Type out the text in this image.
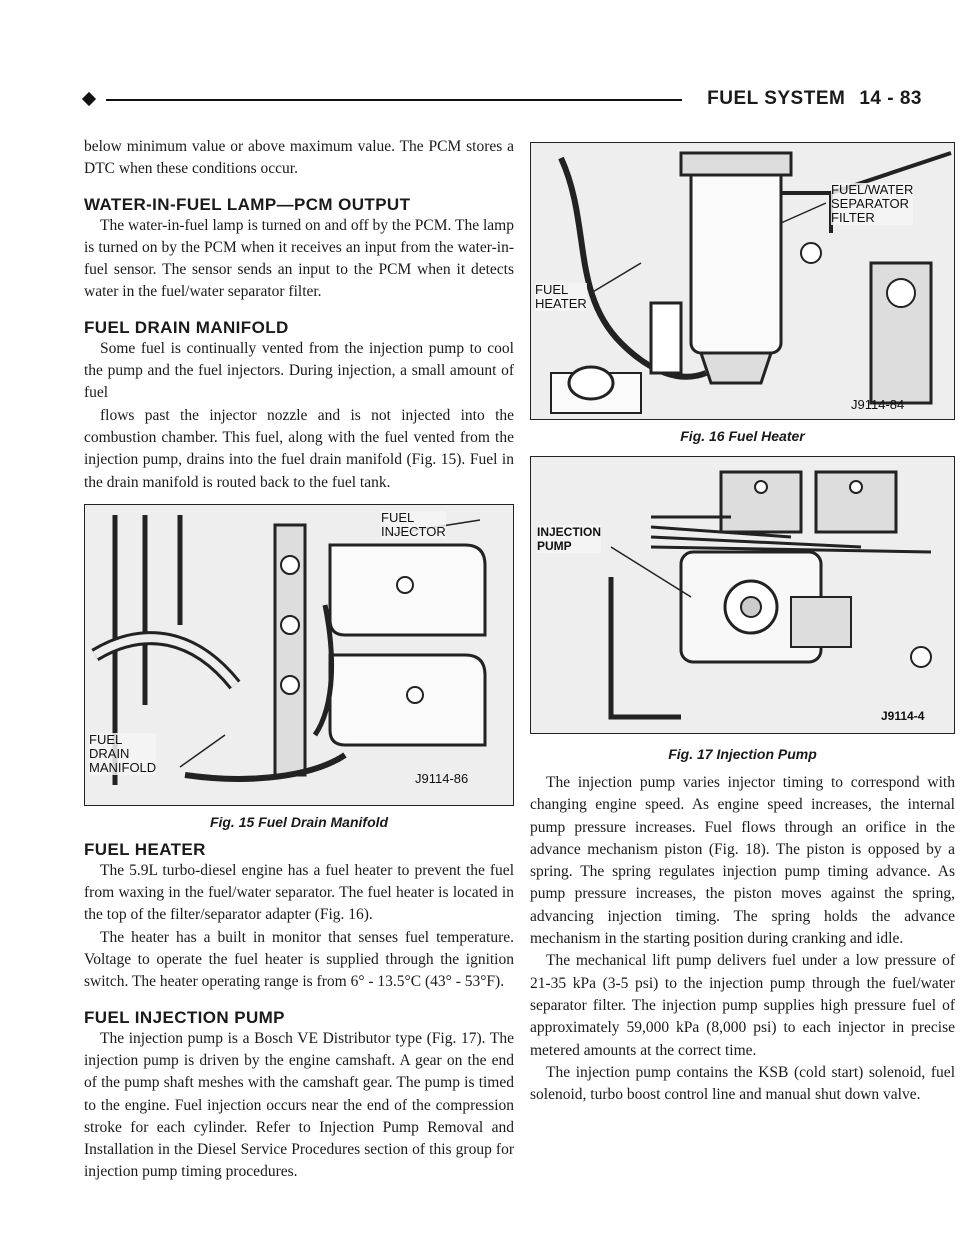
FUEL SYSTEM 14 - 83

below minimum value or above maximum value. The PCM stores a DTC when these conditions occur.

WATER-IN-FUEL LAMP—PCM OUTPUT

The water-in-fuel lamp is turned on and off by the PCM. The lamp is turned on by the PCM when it receives an input from the water-in-fuel sensor. The sensor sends an input to the PCM when it detects water in the fuel/water separator filter.

FUEL DRAIN MANIFOLD

Some fuel is continually vented from the injection pump to cool the pump and the fuel injectors. During injection, a small amount of fuel

flows past the injector nozzle and is not injected into the combustion chamber. This fuel, along with the fuel vented from the injection pump, drains into the fuel drain manifold (Fig. 15). Fuel in the drain manifold is routed back to the fuel tank.

FUEL
INJECTOR
FUEL
DRAIN
MANIFOLD
J9114-86
Fig. 15 Fuel Drain Manifold
FUEL HEATER

The 5.9L turbo-diesel engine has a fuel heater to prevent the fuel from waxing in the fuel/water separator. The fuel heater is located in the top of the filter/separator adapter (Fig. 16).

The heater has a built in monitor that senses fuel temperature. Voltage to operate the fuel heater is supplied through the ignition switch. The heater operating range is from 6° - 13.5°C (43° - 53°F).

FUEL INJECTION PUMP

The injection pump is a Bosch VE Distributor type (Fig. 17). The injection pump is driven by the engine camshaft. A gear on the end of the pump shaft meshes with the camshaft gear. The pump is timed to the engine. Fuel injection occurs near the end of the compression stroke for each cylinder. Refer to Injection Pump Removal and Installation in the Diesel Service Procedures section of this group for injection pump timing procedures.

FUEL/WATER
SEPARATOR
FILTER
FUEL
HEATER
J9114-84
Fig. 16 Fuel Heater
INJECTION
PUMP
J9114-4
Fig. 17 Injection Pump

The injection pump varies injector timing to correspond with changing engine speed. As engine speed increases, the internal pump pressure increases. Fuel flows through an orifice in the advance mechanism piston (Fig. 18). The piston is opposed by a spring. The spring regulates injection pump timing advance. As pump pressure increases, the piston moves against the spring, advancing injection timing. The spring holds the advance mechanism in the starting position during cranking and idle.

The mechanical lift pump delivers fuel under a low pressure of 21-35 kPa (3-5 psi) to the injection pump through the fuel/water separator filter. The injection pump supplies high pressure fuel of approximately 59,000 kPa (8,000 psi) to each injector in precise metered amounts at the correct time.

The injection pump contains the KSB (cold start) solenoid, fuel solenoid, turbo boost control line and manual shut down valve.
